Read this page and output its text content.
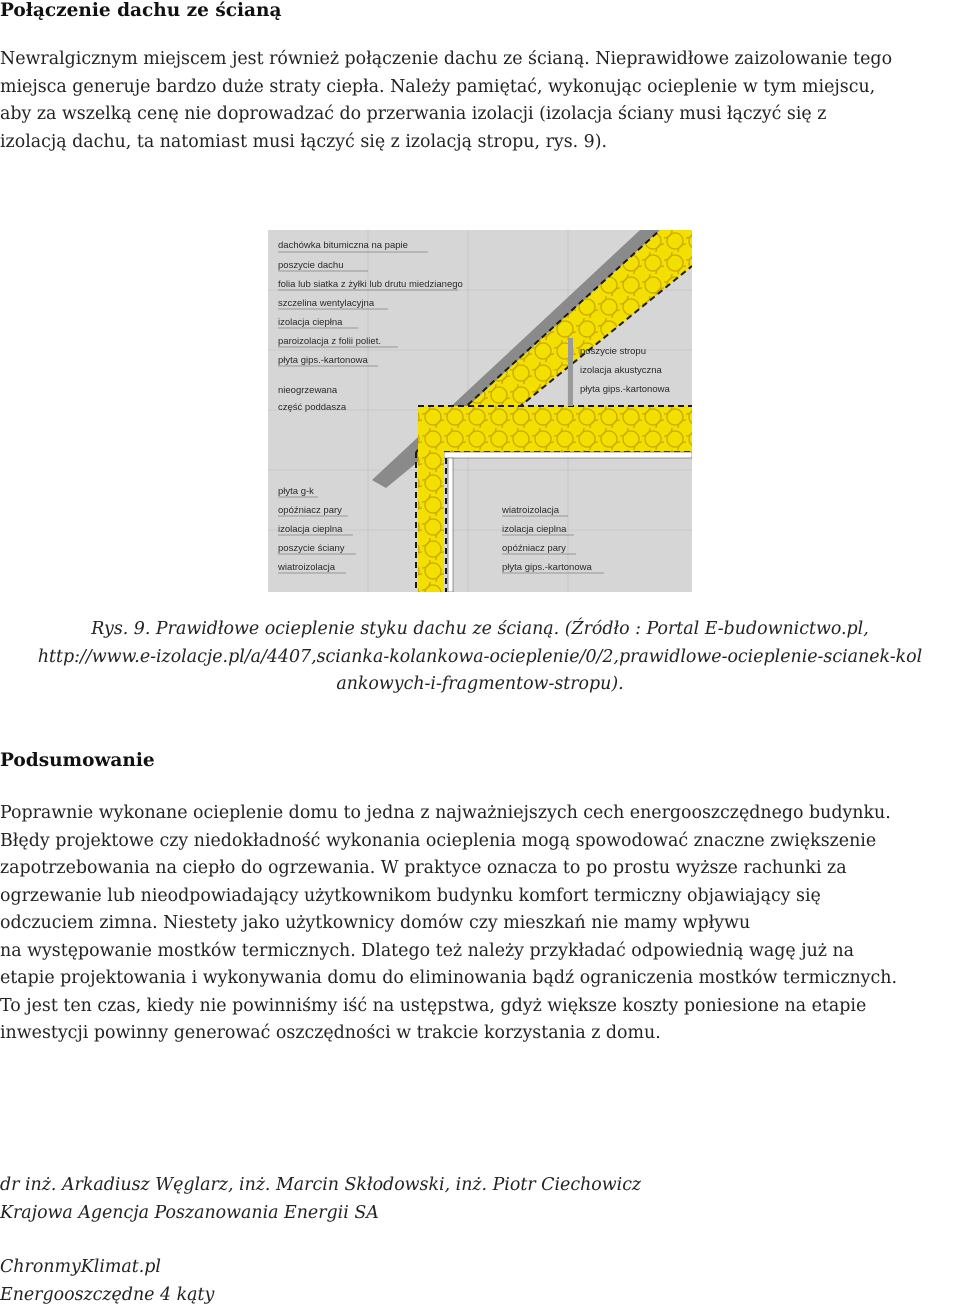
Połączenie dachu ze ścianą

Newralgicznym miejscem jest również połączenie dachu ze ścianą. Nieprawidłowe zaizolowanie tego
miejsca generuje bardzo duże straty ciepła. Należy pamiętać, wykonując ocieplenie w tym miejscu,
aby za wszelką cenę nie doprowadzać do przerwania izolacji (izolacja ściany musi łączyć się z
izolacją dachu, ta natomiast musi łączyć się z izolacją stropu, rys. 9).

dachówka bitumiczna na papie
poszycie dachu
folia lub siatka z żyłki lub drutu miedzianego
szczelina wentylacyjna
izolacja ciepłna
paroizolacja z folii poliet.
płyta gips.-kartonowa
nieogrzewana
część poddasza
poszycie stropu
izolacja akustyczna
płyta gips.-kartonowa
płyta g-k
opóźniacz pary
izolacja cieplna
poszycie ściany
wiatroizolacja
wiatroizolacja
izolacja cieplna
opóźniacz pary
płyta gips.-kartonowa

Rys. 9. Prawidłowe ocieplenie styku dachu ze ścianą. (Źródło : Portal E-budownictwo.pl,
http://www.e-izolacje.pl/a/4407,scianka-kolankowa-ocieplenie/0/2,prawidlowe-ocieplenie-scianek-kol
ankowych-i-fragmentow-stropu).

Podsumowanie

Poprawnie wykonane ocieplenie domu to jedna z najważniejszych cech energooszczędnego budynku.
Błędy projektowe czy niedokładność wykonania ocieplenia mogą spowodować znaczne zwiększenie
zapotrzebowania na ciepło do ogrzewania. W praktyce oznacza to po prostu wyższe rachunki za
ogrzewanie lub nieodpowiadający użytkownikom budynku komfort termiczny objawiający się
odczuciem zimna. Niestety jako użytkownicy domów czy mieszkań nie mamy wpływu
na występowanie mostków termicznych. Dlatego też należy przykładać odpowiednią wagę już na
etapie projektowania i wykonywania domu do eliminowania bądź ograniczenia mostków termicznych.
To jest ten czas, kiedy nie powinniśmy iść na ustępstwa, gdyż większe koszty poniesione na etapie
inwestycji powinny generować oszczędności w trakcie korzystania z domu.

dr inż. Arkadiusz Węglarz, inż. Marcin Skłodowski, inż. Piotr Ciechowicz
Krajowa Agencja Poszanowania Energii SA

ChronmyKlimat.pl
Energooszczędne 4 kąty
